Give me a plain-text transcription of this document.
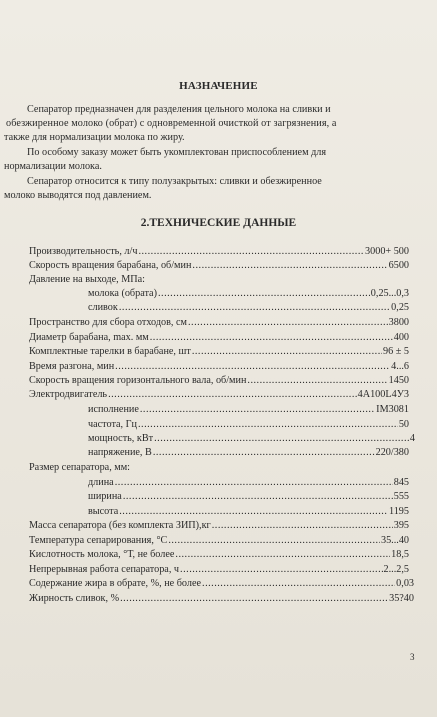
НАЗНАЧЕНИЕ
Сепаратор предназначен для разделения цельного молока на сливки и
обезжиренное молоко (обрат) с одновременной очисткой от загрязнения, а
также для нормализации молока по жиру.
По особому заказу может быть укомплектован приспособлением для
нормализации молока.
Сепаратор относится к типу полузакрытых: сливки и обезжиренное
молоко выводятся под давлением.
2.ТЕХНИЧЕСКИЕ ДАННЫЕ
Производительность, л/ч .....	3000+ 500
Скорость вращения барабана, об/мин .....	6500
Давление на выходе, МПа:
молока (обрата) .....	0,25...0,3
сливок .....	0,25
Пространство для сбора отходов, см .....	3800
Диаметр барабана, max. мм .....	400
Комплектные тарелки в барабане, шт .....	96 ± 5
Время разгона, мин .....	4...6
Скорость вращения горизонтального вала, об/мин .....	1450
Электродвигатель .....	4А100L4У3
исполнение .....	IM3081
частота, Гц .....	50
мощность, кВт .....	4
напряжение, В .....	220/380
Размер сепаратора, мм:
длина .....	845
ширина .....	555
высота .....	1195
Масса сепаратора (без комплекта ЗИП),кг .....	395
Температура сепарирования, °С .....	35...40
Кислотность молока, °Т, не более .....	18,5
Непрерывная работа сепаратора, ч .....	2...2,5
Содержание жира в обрате, %, не более .....	0,03
Жирность сливок, % .....	35?40
3
